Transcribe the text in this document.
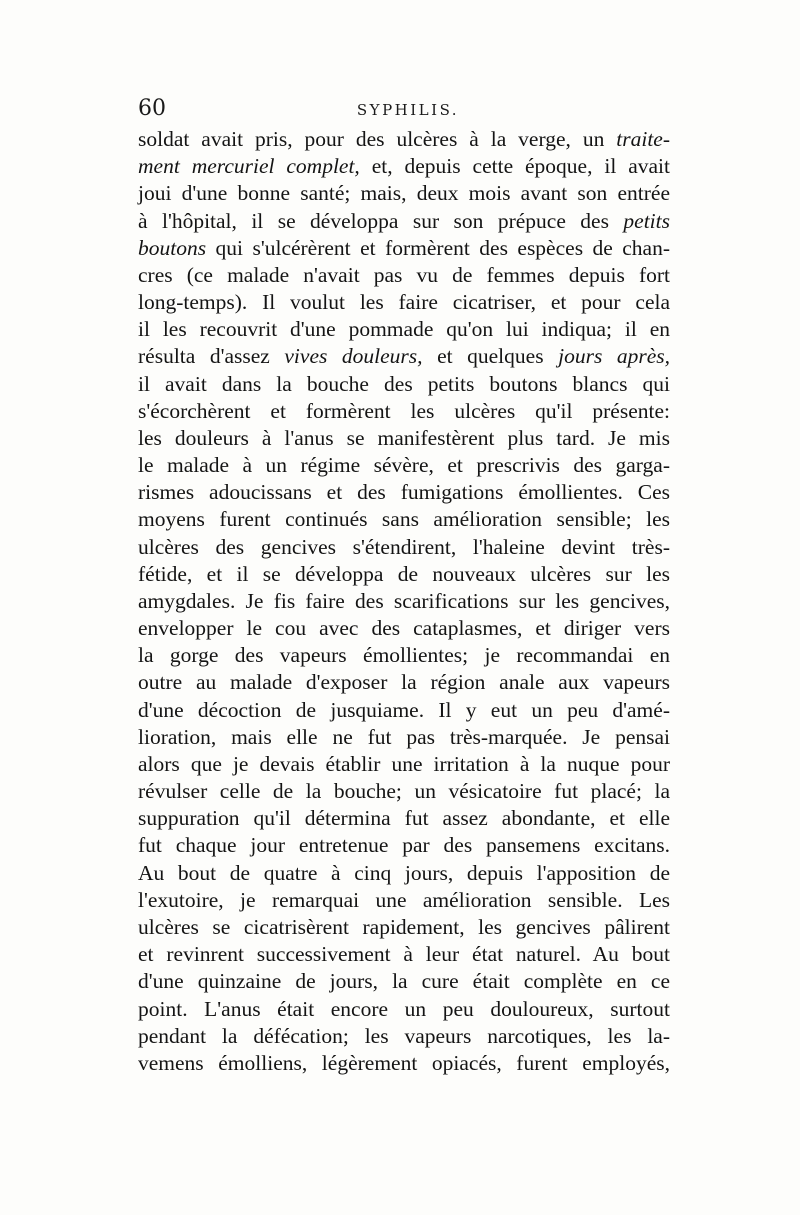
60	SYPHILIS.
soldat avait pris, pour des ulcères à la verge, un traite-
ment mercuriel complet, et, depuis cette époque, il avait
joui d'une bonne santé; mais, deux mois avant son entrée
à l'hôpital, il se développa sur son prépuce des petits
boutons qui s'ulcérèrent et formèrent des espèces de chan-
cres (ce malade n'avait pas vu de femmes depuis fort
long-temps). Il voulut les faire cicatriser, et pour cela
il les recouvrit d'une pommade qu'on lui indiqua; il en
résulta d'assez vives douleurs, et quelques jours après,
il avait dans la bouche des petits boutons blancs qui
s'écorchèrent et formèrent les ulcères qu'il présente:
les douleurs à l'anus se manifestèrent plus tard. Je mis
le malade à un régime sévère, et prescrivis des garga-
rismes adoucissans et des fumigations émollientes. Ces
moyens furent continués sans amélioration sensible; les
ulcères des gencives s'étendirent, l'haleine devint très-
fétide, et il se développa de nouveaux ulcères sur les
amygdales. Je fis faire des scarifications sur les gencives,
envelopper le cou avec des cataplasmes, et diriger vers
la gorge des vapeurs émollientes; je recommandai en
outre au malade d'exposer la région anale aux vapeurs
d'une décoction de jusquiame. Il y eut un peu d'amé-
lioration, mais elle ne fut pas très-marquée. Je pensai
alors que je devais établir une irritation à la nuque pour
révulser celle de la bouche; un vésicatoire fut placé; la
suppuration qu'il détermina fut assez abondante, et elle
fut chaque jour entretenue par des pansemens excitans.
Au bout de quatre à cinq jours, depuis l'apposition de
l'exutoire, je remarquai une amélioration sensible. Les
ulcères se cicatrisèrent rapidement, les gencives pâlirent
et revinrent successivement à leur état naturel. Au bout
d'une quinzaine de jours, la cure était complète en ce
point. L'anus était encore un peu douloureux, surtout
pendant la défécation; les vapeurs narcotiques, les la-
vemens émolliens, légèrement opiacés, furent employés,
